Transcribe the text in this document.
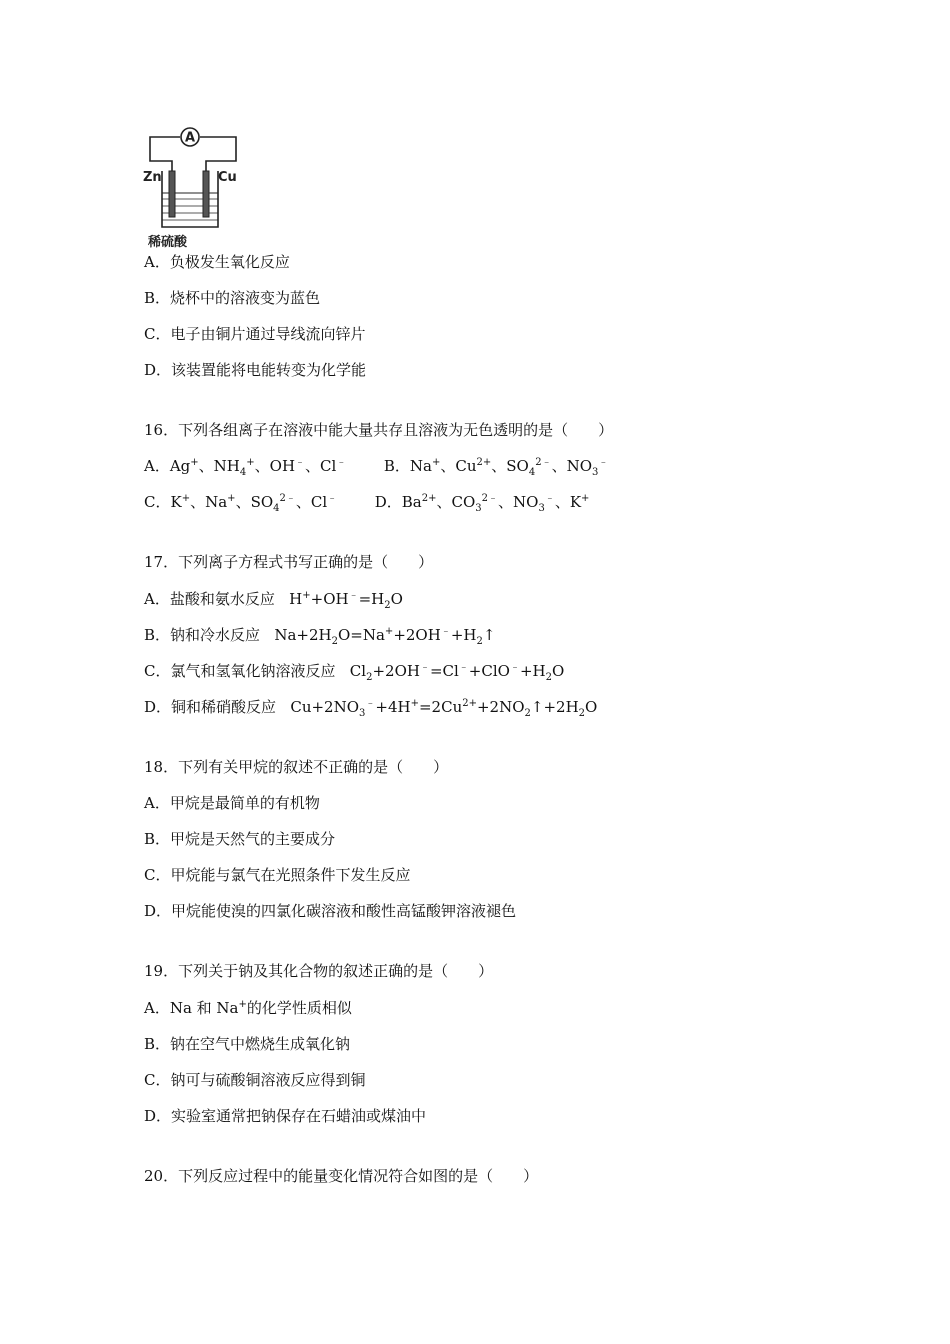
A
Zn	Cu
稀硫酸
A．负极发生氧化反应
B．烧杯中的溶液变为蓝色
C．电子由铜片通过导线流向锌片
D．该装置能将电能转变为化学能
16．下列各组离子在溶液中能大量共存且溶液为无色透明的是（　　）
A．Ag+、$NH_4^+$、OH﹣、Cl﹣	B．Na+、$Cu^{2+}$、$SO_4^{2﹣}$、$NO_3^﹣$
C．K+、Na+、$SO_4^{2﹣}$、Cl﹣	D．$Ba^{2+}$、$CO_3^{2﹣}$、$NO_3^﹣$、K+
17．下列离子方程式书写正确的是（　　）
A．盐酸和氨水反应 $H^++OH^﹣=H_2O$
B．钠和冷水反应 $Na+2H_2O=Na^++2OH^﹣+H_2↑$
C．氯气和氢氧化钠溶液反应 $Cl_2+2OH^﹣=Cl^﹣+ClO^﹣+H_2O$
D．铜和稀硝酸反应 $Cu+2NO_3^﹣+4H^+=2Cu^{2+}+2NO_2↑+2H_2O$
18．下列有关甲烷的叙述不正确的是（　　）
A．甲烷是最简单的有机物
B．甲烷是天然气的主要成分
C．甲烷能与氯气在光照条件下发生反应
D．甲烷能使溴的四氯化碳溶液和酸性高锰酸钾溶液褪色
19．下列关于钠及其化合物的叙述正确的是（　　）
A．Na 和 Na+的化学性质相似
B．钠在空气中燃烧生成氧化钠
C．钠可与硫酸铜溶液反应得到铜
D．实验室通常把钠保存在石蜡油或煤油中
20．下列反应过程中的能量变化情况符合如图的是（　　）
